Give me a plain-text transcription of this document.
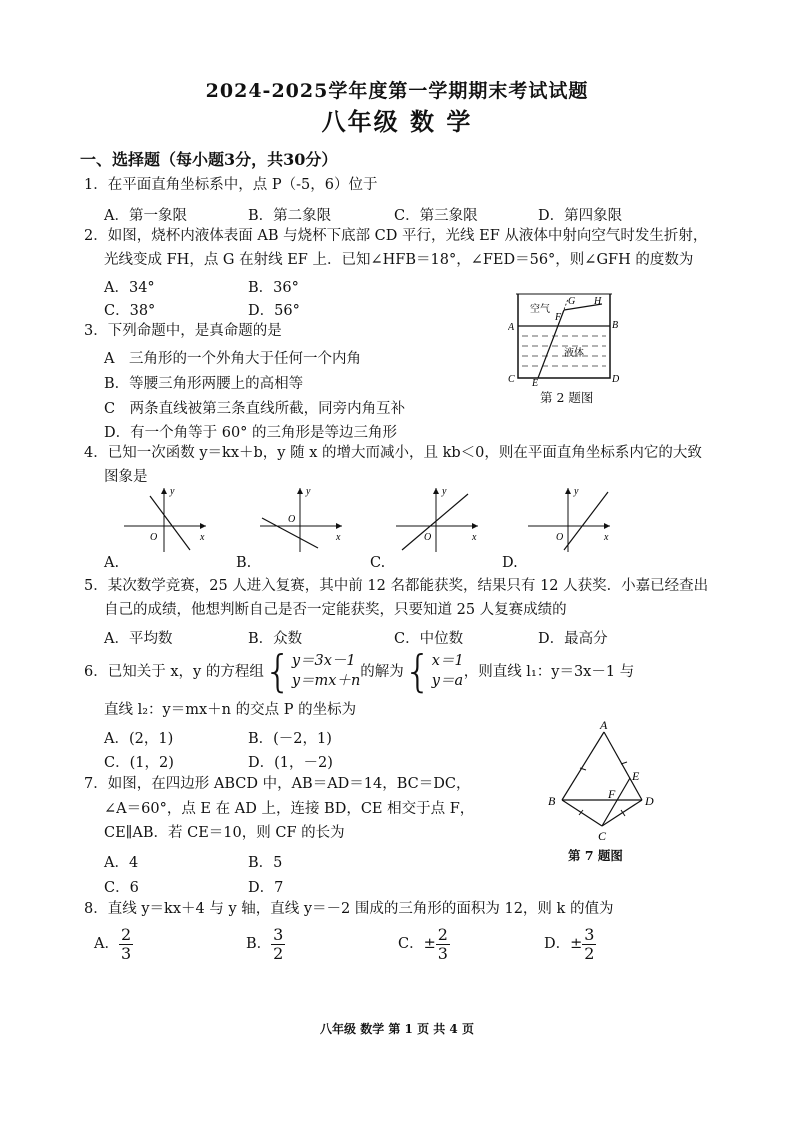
2024-2025学年度第一学期期末考试试题
八年级 数 学
一、选择题（每小题3分，共30分）
1．在平面直角坐标系中，点 P（-5，6）位于
A．第一象限	B．第二象限	C．第三象限	D．第四象限
2．如图，烧杯内液体表面 AB 与烧杯下底部 CD 平行，光线 EF 从液体中射向空气时发生折射，
光线变成 FH，点 G 在射线 EF 上．已知∠HFB＝18°，∠FED＝56°，则∠GFH 的度数为
A．34°	B．36°
C．38°	D．56°	空气
液体
A	B
C	D
E
F
G H
第 2 题图
3．下列命题中，是真命题的是
A　三角形的一个外角大于任何一个内角
B．等腰三角形两腰上的高相等
C　两条直线被第三条直线所截，同旁内角互补
D．有一个角等于 60° 的三角形是等边三角形
4．已知一次函数 y＝kx＋b，y 随 x 的增大而减小，且 kb＜0，则在平面直角坐标系内它的大致
图象是
y
x
O
A.
y
x
O
B.
y
x
O
C.
y
x
O
D.
5．某次数学竞赛，25 人进入复赛，其中前 12 名都能获奖，结果只有 12 人获奖．小嘉已经查出
自己的成绩，他想判断自己是否一定能获奖，只要知道 25 人复赛成绩的
A．平均数	B．众数	C．中位数	D．最高分
6．已知关于 x，y 的方程组{ y＝3x－1
y＝mx＋n
的解为{ x＝1
y＝a
，则直线 l₁：y＝3x－1 与
直线 l₂：y＝mx＋n 的交点 P 的坐标为
A．(2，1)	B．(－2，1)
C．(1，2)	D．(1，－2)
7．如图，在四边形 ABCD 中，AB＝AD＝14，BC＝DC，
∠A＝60°，点 E 在 AD 上，连接 BD，CE 相交于点 F，
CE∥AB．若 CE＝10，则 CF 的长为
A．4	B．5
C．6	D．7
A
B
C
D
E
F
第 7 题图
8．直线 y＝kx＋4 与 y 轴，直线 y＝－2 围成的三角形的面积为 12，则 k 的值为
A． $\frac{2}{3}$	B． $\frac{3}{2}$	C．± $\frac{2}{3}$	D．± $\frac{3}{2}$
八年级 数学 第 1 页 共 4 页
